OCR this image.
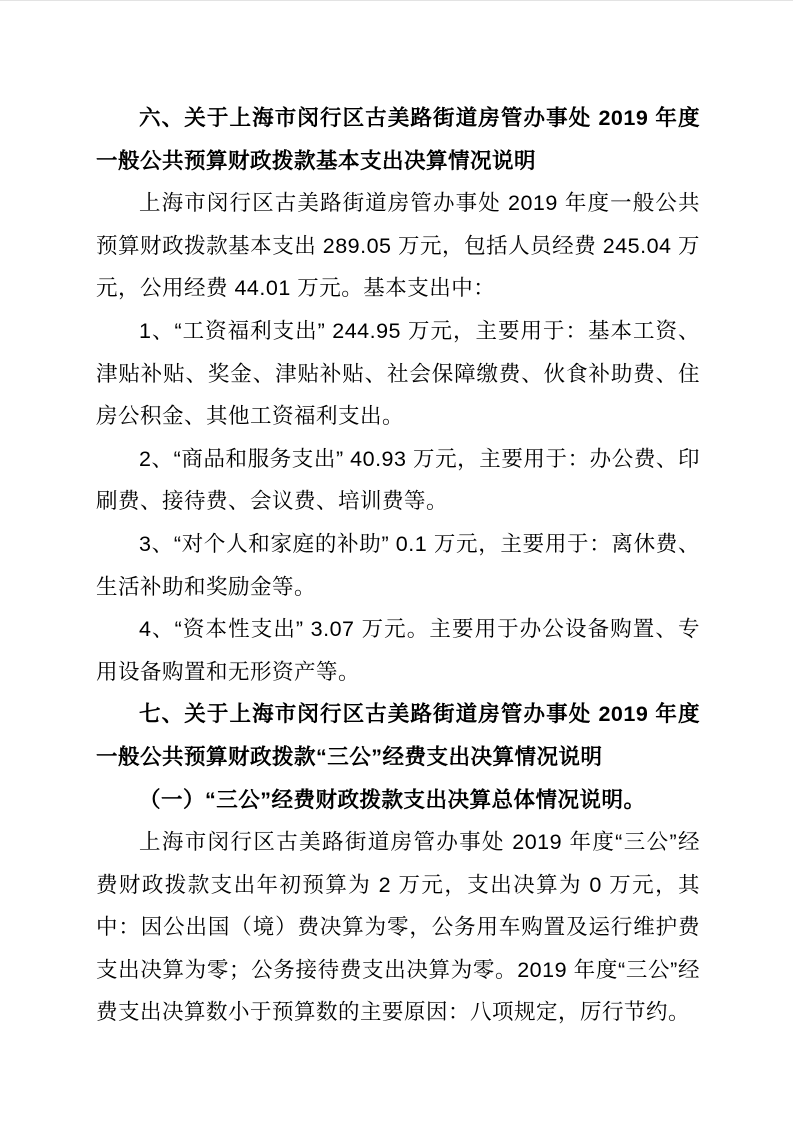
六、关于上海市闵行区古美路街道房管办事处 2019 年度一般公共预算财政拨款基本支出决算情况说明

上海市闵行区古美路街道房管办事处 2019 年度一般公共预算财政拨款基本支出 289.05 万元，包括人员经费 245.04 万元，公用经费 44.01 万元。基本支出中：

1、“工资福利支出” 244.95 万元，主要用于：基本工资、津贴补贴、奖金、津贴补贴、社会保障缴费、伙食补助费、住房公积金、其他工资福利支出。

2、“商品和服务支出” 40.93 万元，主要用于：办公费、印刷费、接待费、会议费、培训费等。

3、“对个人和家庭的补助” 0.1 万元，主要用于：离休费、生活补助和奖励金等。

4、“资本性支出” 3.07 万元。主要用于办公设备购置、专用设备购置和无形资产等。

七、关于上海市闵行区古美路街道房管办事处 2019 年度一般公共预算财政拨款“三公”经费支出决算情况说明

（一）“三公”经费财政拨款支出决算总体情况说明。

上海市闵行区古美路街道房管办事处 2019 年度“三公”经费财政拨款支出年初预算为 2 万元，支出决算为 0 万元，其中：因公出国（境）费决算为零，公务用车购置及运行维护费支出决算为零；公务接待费支出决算为零。2019 年度“三公”经费支出决算数小于预算数的主要原因：八项规定，厉行节约。
